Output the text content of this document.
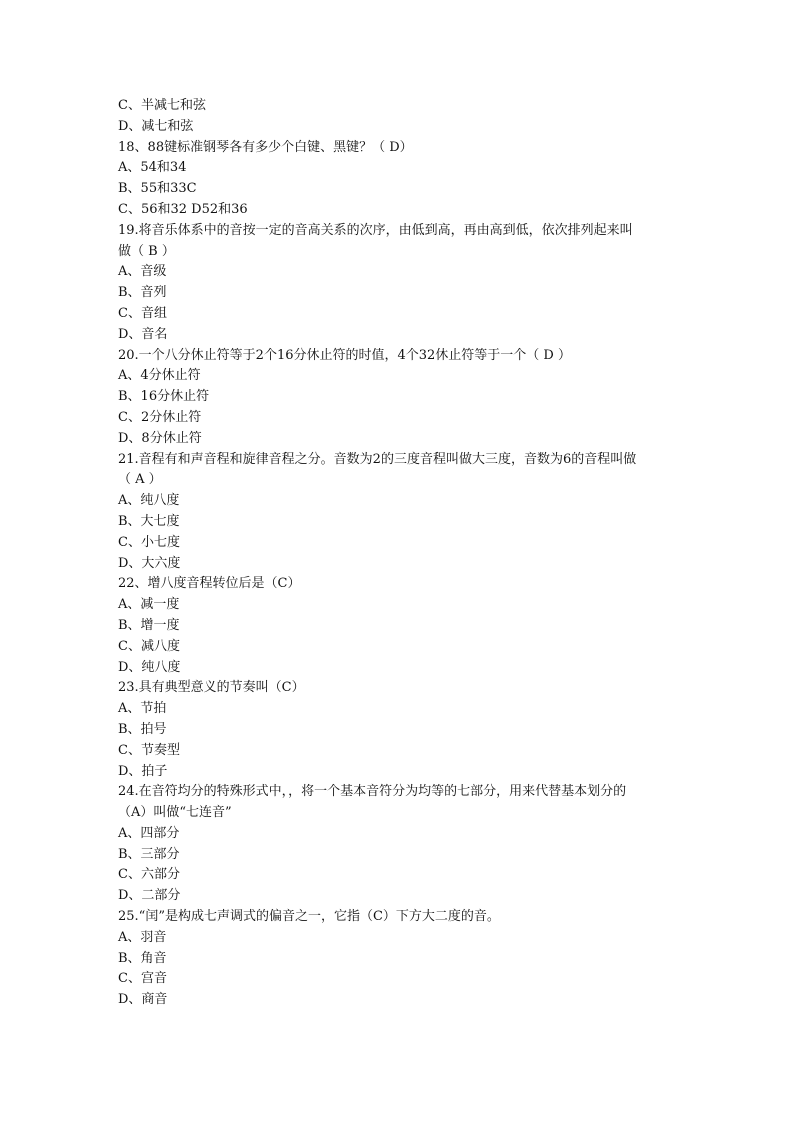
C、半减七和弦

D、减七和弦

18、88键标准钢琴各有多少个白键、黑键？（ D）

A、54和34

B、55和33C

C、56和32 D52和36

19.将音乐体系中的音按一定的音高关系的次序，由低到高，再由高到低，依次排列起来叫

做（ B ）

A、音级

B、音列

C、音组

D、音名

20.一个八分休止符等于2个16分休止符的时值，4个32休止符等于一个（ D ）

A、4分休止符

B、16分休止符

C、2分休止符

D、8分休止符

21.音程有和声音程和旋律音程之分。音数为2的三度音程叫做大三度，音数为6的音程叫做

（ A ）

A、纯八度

B、大七度

C、小七度

D、大六度

22、增八度音程转位后是（C）

A、减一度

B、增一度

C、减八度

D、纯八度

23.具有典型意义的节奏叫（C）

A、节拍

B、拍号

C、节奏型

D、拍子

24.在音符均分的特殊形式中，，将一个基本音符分为均等的七部分，用来代替基本划分的

（A）叫做“七连音”

A、四部分

B、三部分

C、六部分

D、二部分

25.“闰”是构成七声调式的偏音之一，它指（C）下方大二度的音。

A、羽音

B、角音

C、宫音

D、商音
